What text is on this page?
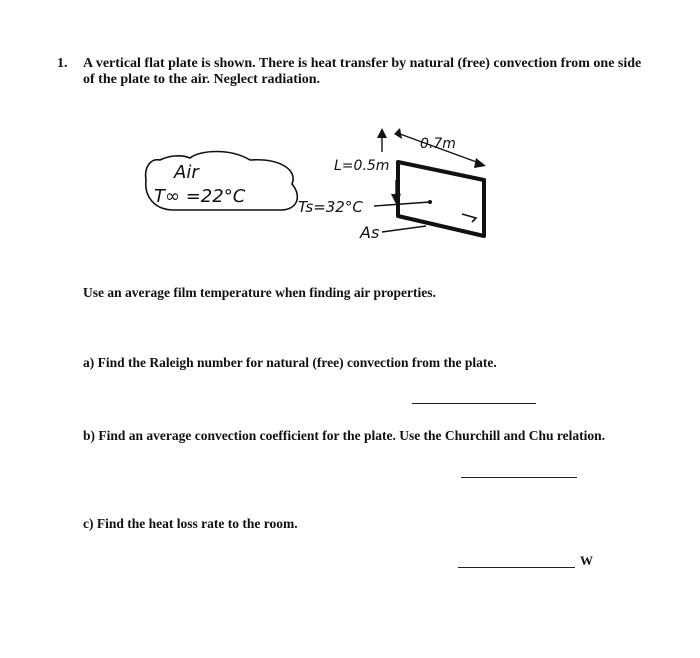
1. A vertical flat plate is shown. There is heat transfer by natural (free) convection from one side of the plate to the air. Neglect radiation.
Air
T∞ =22°C	Ts=32°C
As
L=0.5m
0.7m
Use an average film temperature when finding air properties.
a) Find the Raleigh number for natural (free) convection from the plate.
b) Find an average convection coefficient for the plate. Use the Churchill and Chu relation.
c) Find the heat loss rate to the room.
W
